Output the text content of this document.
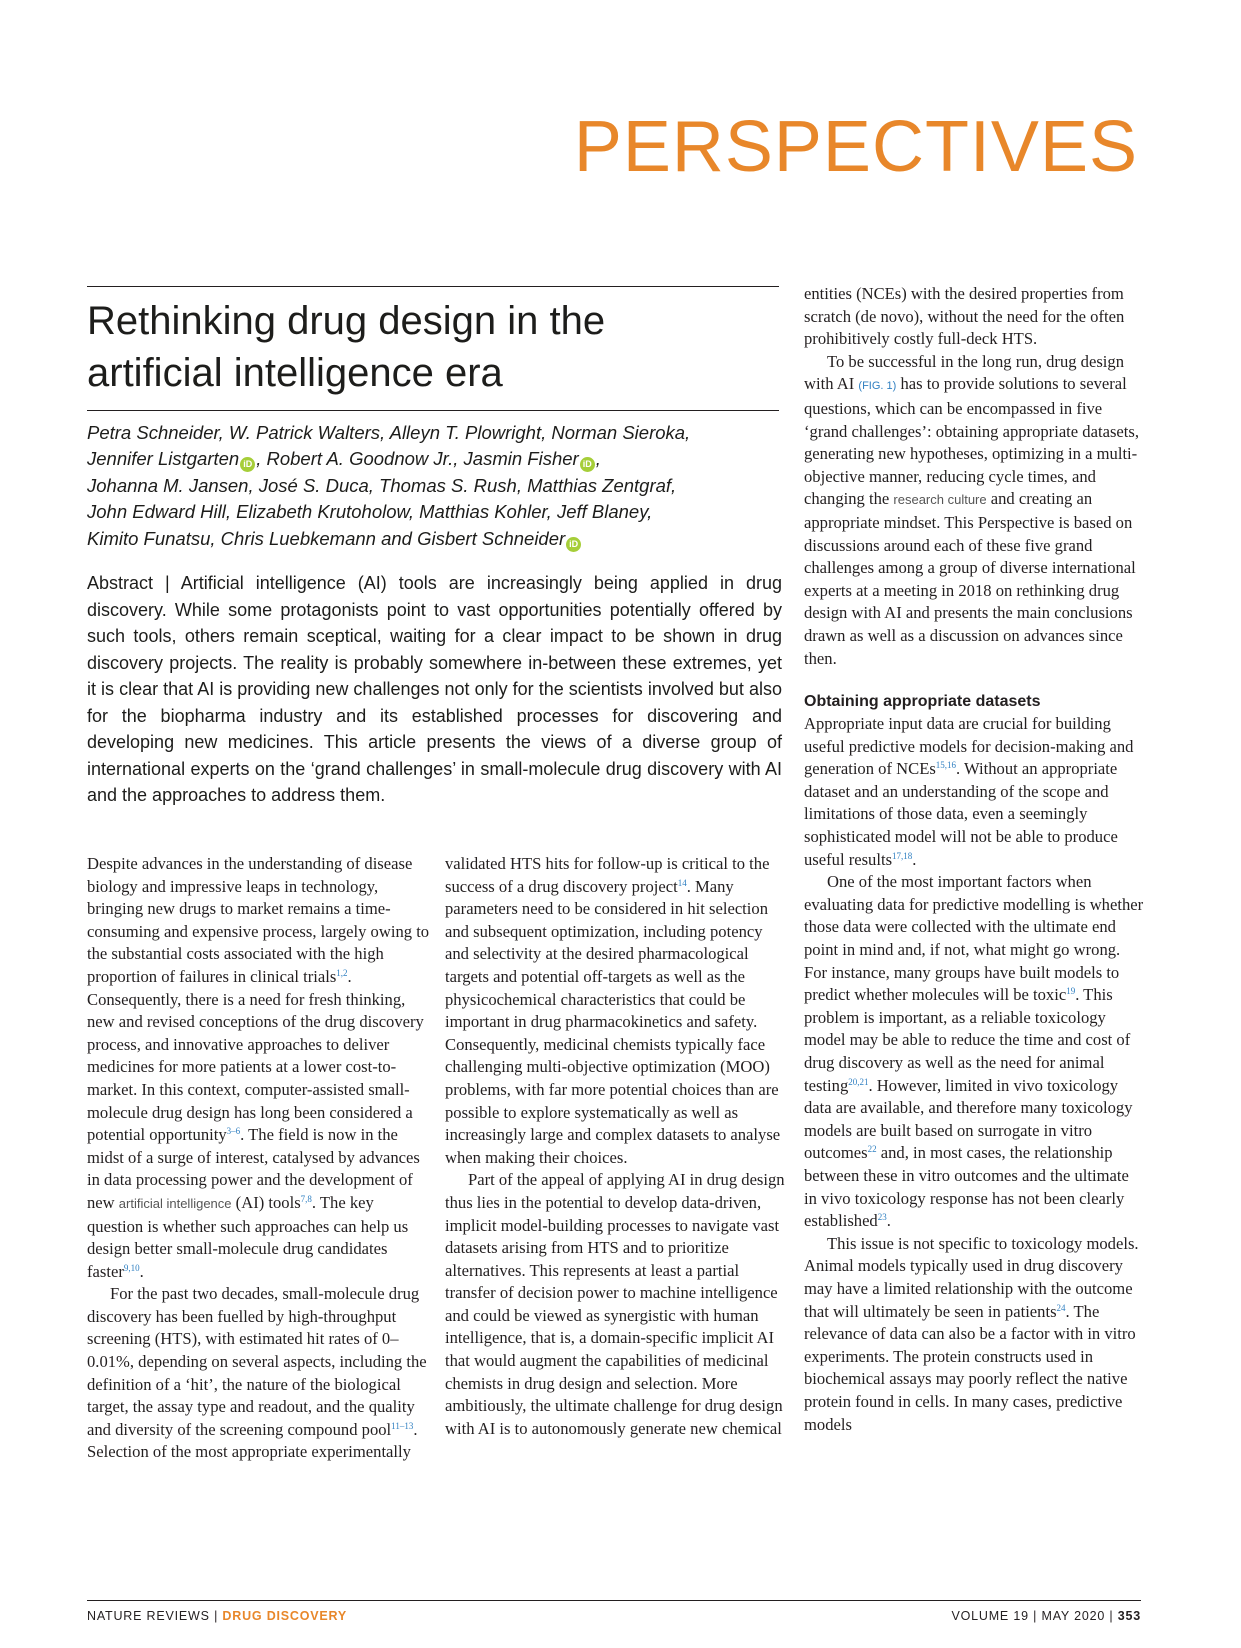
PERSPECTIVES
Rethinking drug design in the
artificial intelligence era
Petra Schneider, W. Patrick Walters, Alleyn T. Plowright, Norman Sieroka,
Jennifer Listgarten iD , Robert A. Goodnow Jr., Jasmin Fisher iD ,
Johanna M. Jansen, José S. Duca, Thomas S. Rush, Matthias Zentgraf,
John Edward Hill, Elizabeth Krutoholow, Matthias Kohler, Jeff Blaney,
Kimito Funatsu, Chris Luebkemann and Gisbert Schneider iD
Abstract | Artificial intelligence (AI) tools are increasingly being applied in drug discovery. While some protagonists point to vast opportunities potentially offered by such tools, others remain sceptical, waiting for a clear impact to be shown in drug discovery projects. The reality is probably somewhere in-between these extremes, yet it is clear that AI is providing new challenges not only for the scientists involved but also for the biopharma industry and its established processes for discovering and developing new medicines. This article presents the views of a diverse group of international experts on the ‘grand challenges’ in small-molecule drug discovery with AI and the approaches to address them.

Despite advances in the understanding of disease biology and impressive leaps in technology, bringing new drugs to market remains a time-consuming and expensive process, largely owing to the substantial costs associated with the high proportion of failures in clinical trials$^{1,2}$. Consequently, there is a need for fresh thinking, new and revised conceptions of the drug discovery process, and innovative approaches to deliver medicines for more patients at a lower cost-to-market. In this context, computer-assisted small-molecule drug design has long been considered a potential opportunity$^{3-6}$. The field is now in the midst of a surge of interest, catalysed by advances in data processing power and the development of new artificial intelligence (AI) tools$^{7,8}$. The key question is whether such approaches can help us design better small-molecule drug candidates faster$^{9,10}$.

For the past two decades, small-molecule drug discovery has been fuelled by high-throughput screening (HTS), with estimated hit rates of 0–0.01%, depending on several aspects, including the definition of a ‘hit’, the nature of the biological target, the assay type and readout, and the quality and diversity of the screening compound pool$^{11-13}$. Selection of the most appropriate experimentally

validated HTS hits for follow-up is critical to the success of a drug discovery project$^{14}$. Many parameters need to be considered in hit selection and subsequent optimization, including potency and selectivity at the desired pharmacological targets and potential off-targets as well as the physicochemical characteristics that could be important in drug pharmacokinetics and safety. Consequently, medicinal chemists typically face challenging multi-objective optimization (MOO) problems, with far more potential choices than are possible to explore systematically as well as increasingly large and complex datasets to analyse when making their choices.

Part of the appeal of applying AI in drug design thus lies in the potential to develop data-driven, implicit model-building processes to navigate vast datasets arising from HTS and to prioritize alternatives. This represents at least a partial transfer of decision power to machine intelligence and could be viewed as synergistic with human intelligence, that is, a domain-specific implicit AI that would augment the capabilities of medicinal chemists in drug design and selection. More ambitiously, the ultimate challenge for drug design with AI is to autonomously generate new chemical

entities (NCEs) with the desired properties from scratch (de novo), without the need for the often prohibitively costly full-deck HTS.

To be successful in the long run, drug design with AI (FIG. 1) has to provide solutions to several questions, which can be encompassed in five ‘grand challenges’: obtaining appropriate datasets, generating new hypotheses, optimizing in a multi-objective manner, reducing cycle times, and changing the research culture and creating an appropriate mindset. This Perspective is based on discussions around each of these five grand challenges among a group of diverse international experts at a meeting in 2018 on rethinking drug design with AI and presents the main conclusions drawn as well as a discussion on advances since then.

Obtaining appropriate datasets

Appropriate input data are crucial for building useful predictive models for decision-making and generation of NCEs$^{15,16}$. Without an appropriate dataset and an understanding of the scope and limitations of those data, even a seemingly sophisticated model will not be able to produce useful results$^{17,18}$.

One of the most important factors when evaluating data for predictive modelling is whether those data were collected with the ultimate end point in mind and, if not, what might go wrong. For instance, many groups have built models to predict whether molecules will be toxic$^{19}$. This problem is important, as a reliable toxicology model may be able to reduce the time and cost of drug discovery as well as the need for animal testing$^{20,21}$. However, limited in vivo toxicology data are available, and therefore many toxicology models are built based on surrogate in vitro outcomes$^{22}$ and, in most cases, the relationship between these in vitro outcomes and the ultimate in vivo toxicology response has not been clearly established$^{23}$.

This issue is not specific to toxicology models. Animal models typically used in drug discovery may have a limited relationship with the outcome that will ultimately be seen in patients$^{24}$. The relevance of data can also be a factor with in vitro experiments. The protein constructs used in biochemical assays may poorly reflect the native protein found in cells. In many cases, predictive models

NATURE REVIEWS | DRUG DISCOVERY	VOLUME 19 | MAY 2020 | 353
